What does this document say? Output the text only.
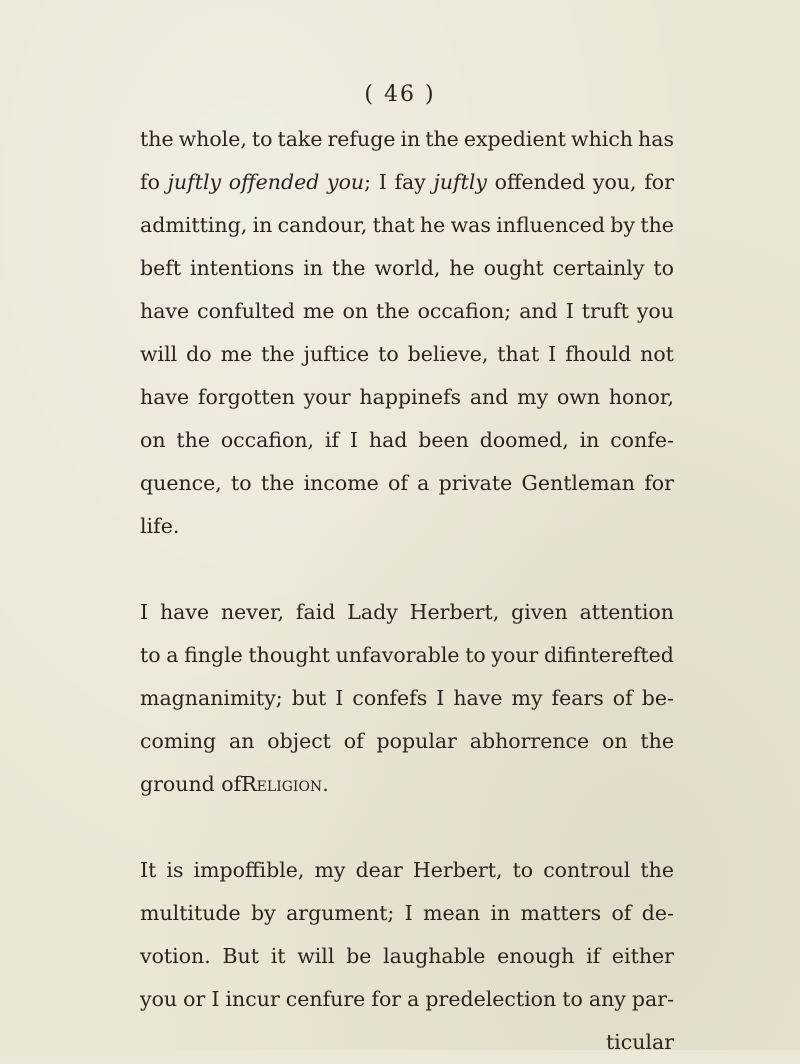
( 46 )
the whole, to take refuge in the expedient which has
fo juftly offended you; I fay juftly offended you, for
admitting, in candour, that he was influenced by the
beft intentions in the world, he ought certainly to
have confulted me on the occafion; and I truft you
will do me the juftice to believe, that I fhould not
have forgotten your happinefs and my own honor,
on the occafion, if I had been doomed, in confe-
quence, to the income of a private Gentleman for
life.
I have never, faid Lady Herbert, given attention
to a fingle thought unfavorable to your difinterefted
magnanimity; but I confefs I have my fears of be-
coming an object of popular abhorrence on the
ground of Religion .
It is impoffible, my dear Herbert, to controul the
multitude by argument; I mean in matters of de-
votion. But it will be laughable enough if either
you or I incur cenfure for a predelection to any par-
ticular
